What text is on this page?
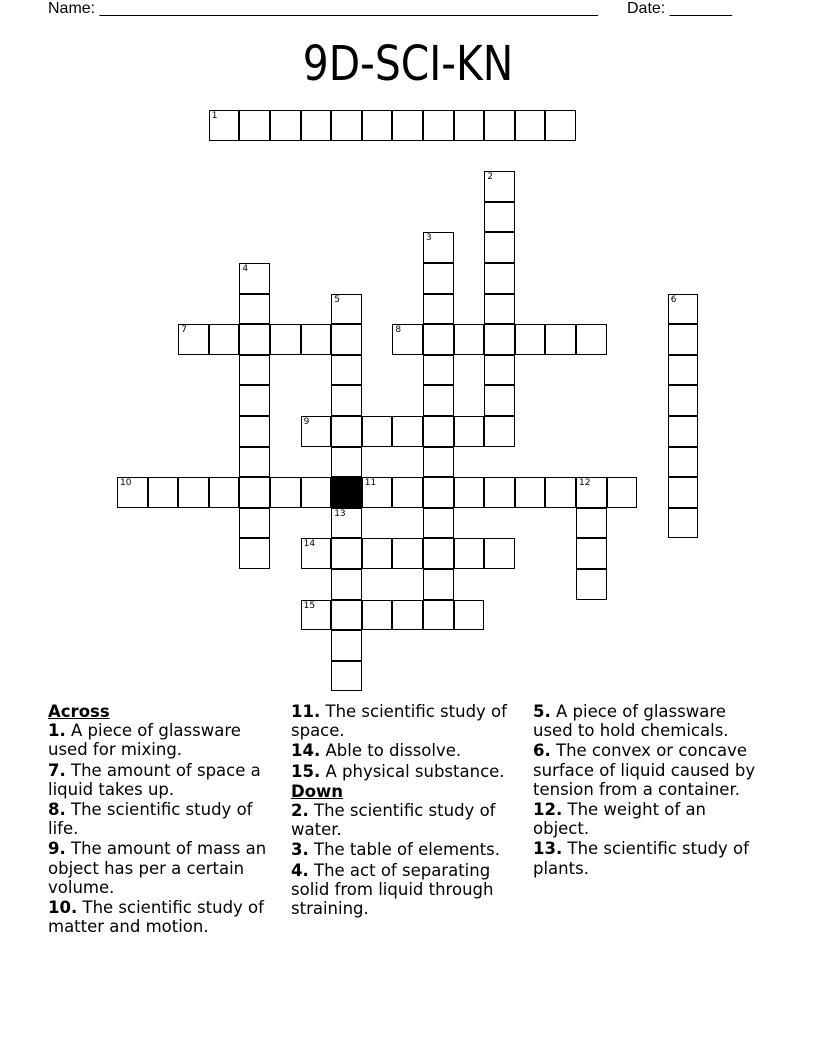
Name: ________________________________________________________ Date: _______
9D-SCI-KN
1
2
3
4
5	6
7	8
9
10	11	12
13
14
15
Across
1. A piece of glassware used for mixing.
7. The amount of space a liquid takes up.
8. The scientific study of life.
9. The amount of mass an object has per a certain volume.
10. The scientific study of matter and motion.
11. The scientific study of space.
14. Able to dissolve.
15. A physical substance.
Down
2. The scientific study of water.
3. The table of elements.
4. The act of separating solid from liquid through straining.
5. A piece of glassware used to hold chemicals.
6. The convex or concave surface of liquid caused by tension from a container.
12. The weight of an object.
13. The scientific study of plants.
